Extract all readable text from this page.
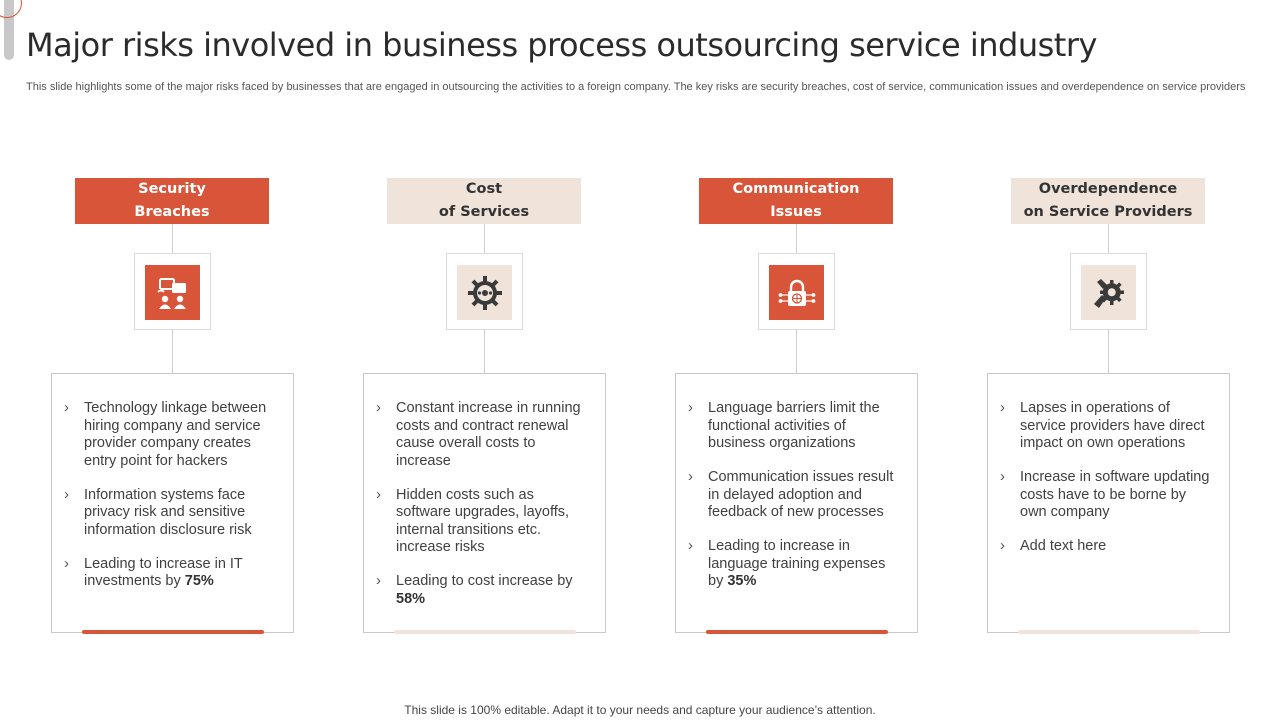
Major risks involved in business process outsourcing service industry

This slide highlights some of the major risks faced by businesses that are engaged in outsourcing the activities to a foreign company. The key risks are security breaches, cost of service, communication issues and overdependence on service providers

Security
Breaches
› Technology linkage between hiring company and service provider company creates entry point for hackers
› Information systems face privacy risk and sensitive information disclosure risk
› Leading to increase in IT investments by 75%
Cost
of Services
› Constant increase in running costs and contract renewal cause overall costs to increase
› Hidden costs such as software upgrades, layoffs, internal transitions etc. increase risks
› Leading to cost increase by 58%
Communication
Issues
› Language barriers limit the functional activities of business organizations
› Communication issues result in delayed adoption and feedback of new processes
› Leading to increase in language training expenses by 35%
Overdependence
on Service Providers
› Lapses in operations of service providers have direct impact on own operations
› Increase in software updating costs have to be borne by own company
› Add text here

This slide is 100% editable. Adapt it to your needs and capture your audience’s attention.
